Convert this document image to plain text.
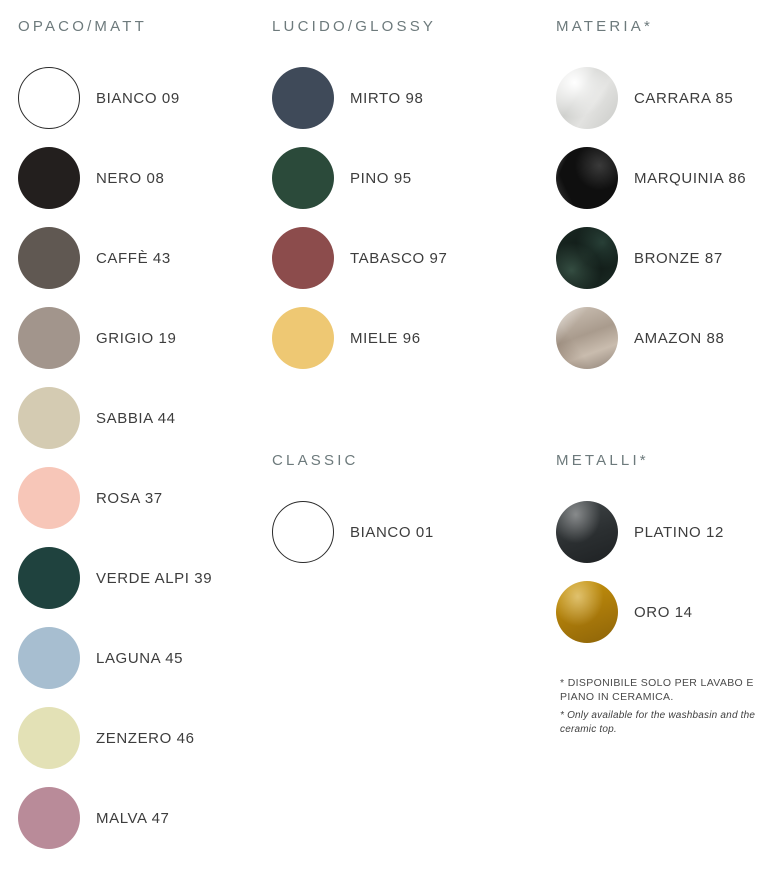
OPACO/MATT
BIANCO 09
NERO 08
CAFFÈ 43
GRIGIO 19
SABBIA 44
ROSA 37
VERDE ALPI 39
LAGUNA 45
ZENZERO 46
MALVA 47
LUCIDO/GLOSSY
MIRTO 98
PINO 95
TABASCO 97
MIELE 96
CLASSIC
BIANCO 01
MATERIA*
CARRARA 85
MARQUINIA 86
BRONZE 87
AMAZON 88
METALLI*
PLATINO 12
ORO 14

* DISPONIBILE SOLO PER LAVABO E PIANO IN CERAMICA.

* Only available for the washbasin and the ceramic top.
